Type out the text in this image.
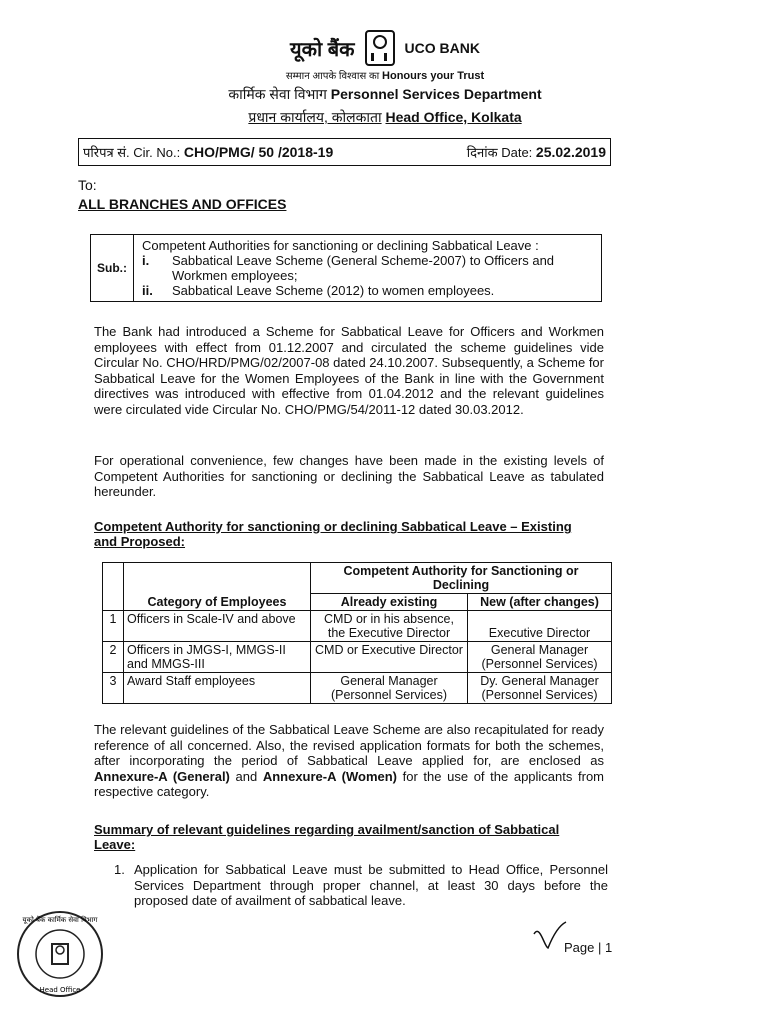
यूको बैंक	UCO BANK
सम्मान आपके विश्वास का Honours your Trust
कार्मिक सेवा विभाग Personnel Services Department
प्रधान कार्यालय, कोलकाता Head Office, Kolkata
परिपत्र सं. Cir. No.: CHO/PMG/ 50 /2018-19	दिनांक Date: 25.02.2019
To:
ALL BRANCHES AND OFFICES
Sub.:
Competent Authorities for sanctioning or declining Sabbatical Leave :
i.	Sabbatical Leave Scheme (General Scheme-2007) to Officers and Workmen employees;
ii.	Sabbatical Leave Scheme (2012) to women employees.
The Bank had introduced a Scheme for Sabbatical Leave for Officers and Workmen employees with effect from 01.12.2007 and circulated the scheme guidelines vide Circular No. CHO/HRD/PMG/02/2007-08 dated 24.10.2007. Subsequently, a Scheme for Sabbatical Leave for the Women Employees of the Bank in line with the Government directives was introduced with effective from 01.04.2012 and the relevant guidelines were circulated vide Circular No. CHO/PMG/54/2011-12 dated 30.03.2012.
For operational convenience, few changes have been made in the existing levels of Competent Authorities for sanctioning or declining the Sabbatical Leave as tabulated hereunder.
Competent Authority for sanctioning or declining Sabbatical Leave – Existing and Proposed:
	Category of Employees	Competent Authority for Sanctioning or Declining	
		Already existing	New (after changes)
1	Officers in Scale-IV and above	CMD or in his absence, the Executive Director	Executive Director
2	Officers in JMGS-I, MMGS-II and MMGS-III	CMD or Executive Director	General Manager (Personnel Services)
3	Award Staff employees	General Manager (Personnel Services)	Dy. General Manager (Personnel Services)
The relevant guidelines of the Sabbatical Leave Scheme are also recapitulated for ready reference of all concerned. Also, the revised application formats for both the schemes, after incorporating the period of Sabbatical Leave applied for, are enclosed as Annexure-A (General) and Annexure-A (Women) for the use of the applicants from respective category.
Summary of relevant guidelines regarding availment/sanction of Sabbatical Leave:
1. Application for Sabbatical Leave must be submitted to Head Office, Personnel Services Department through proper channel, at least 30 days before the proposed date of availment of sabbatical leave.
यूको बैंक कार्मिक सेवा विभाग
Head Office
Page | 1
